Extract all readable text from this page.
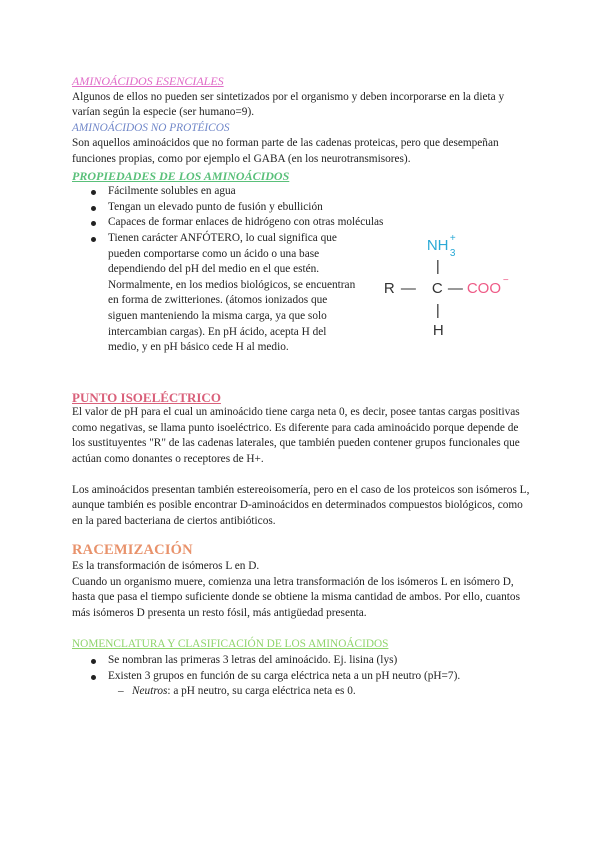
AMINOÁCIDOS ESENCIALES

Algunos de ellos no pueden ser sintetizados por el organismo y deben incorporarse en la dieta y varían según la especie (ser humano=9).

AMINOÁCIDOS NO PROTÉICOS

Son aquellos aminoácidos que no forman parte de las cadenas proteicas, pero que desempeñan funciones propias, como por ejemplo el GABA (en los neurotransmisores).

PROPIEDADES DE LOS AMINOÁCIDOS

Fácilmente solubles en agua
Tengan un elevado punto de fusión y ebullición
Capaces de formar enlaces de hidrógeno con otras moléculas
Tienen carácter ANFÓTERO, lo cual significa que pueden comportarse como un ácido o una base dependiendo del pH del medio en el que estén. Normalmente, en los medios biológicos, se encuentran en forma de zwitteriones. (átomos ionizados que siguen manteniendo la misma carga, ya que solo intercambian cargas). En pH ácido, acepta H del medio, y en pH básico cede H al medio.
NH 3
+
|
R — C — COO −
|
H

PUNTO ISOELÉCTRICO

El valor de pH para el cual un aminoácido tiene carga neta 0, es decir, posee tantas cargas positivas como negativas, se llama punto isoeléctrico. Es diferente para cada aminoácido porque depende de los sustituyentes "R" de las cadenas laterales, que también pueden contener grupos funcionales que actúan como donantes o receptores de H+.

Los aminoácidos presentan también estereoisomería, pero en el caso de los proteicos son isómeros L, aunque también es posible encontrar D-aminoácidos en determinados compuestos biológicos, como en la pared bacteriana de ciertos antibióticos.

RACEMIZACIÓN

Es la transformación de isómeros L en D.

Cuando un organismo muere, comienza una letra transformación de los isómeros L en isómero D, hasta que pasa el tiempo suficiente donde se obtiene la misma cantidad de ambos. Por ello, cuantos más isómeros D presenta un resto fósil, más antigüedad presenta.

NOMENCLATURA Y CLASIFICACIÓN DE LOS AMINOÁCIDOS

Se nombran las primeras 3 letras del aminoácido. Ej. lisina (lys)
Existen 3 grupos en función de su carga eléctrica neta a un pH neutro (pH=7).
– Neutros: a pH neutro, su carga eléctrica neta es 0.
